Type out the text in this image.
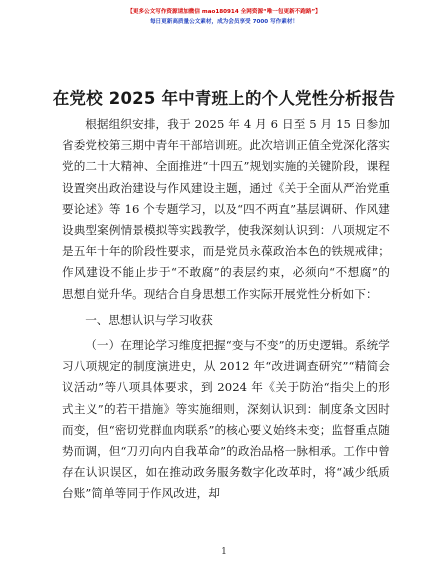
【更多公文写作资源请加微信 mao180914 全网资源“唯一包更新不跑路”】
每日更新高质量公文素材，成为会员享受 7000 写作素材！
在党校 2025 年中青班上的个人党性分析报告

根据组织安排，我于 2025 年 4 月 6 日至 5 月 15 日参加省委党校第三期中青年干部培训班。此次培训正值全党深化落实党的二十大精神、全面推进“十四五”规划实施的关键阶段，课程设置突出政治建设与作风建设主题，通过《关于全面从严治党重要论述》等 16 个专题学习，以及“四不两直”基层调研、作风建设典型案例情景模拟等实践教学，使我深刻认识到：八项规定不是五年十年的阶段性要求，而是党员永葆政治本色的铁规戒律；作风建设不能止步于“不敢腐”的表层约束，必须向“不想腐”的思想自觉升华。现结合自身思想工作实际开展党性分析如下：

一、思想认识与学习收获

（一）在理论学习维度把握“变与不变”的历史逻辑。系统学习八项规定的制度演进史，从 2012 年“改进调查研究”“精简会议活动”等八项具体要求，到 2024 年《关于防治“指尖上的形式主义”的若干措施》等实施细则，深刻认识到：制度条文因时而变，但“密切党群血肉联系”的核心要义始终未变；监督重点随势而调，但“刀刃向内自我革命”的政治品格一脉相承。工作中曾存在认识误区，如在推动政务服务数字化改革时，将“减少纸质台账”简单等同于作风改进，却

1
